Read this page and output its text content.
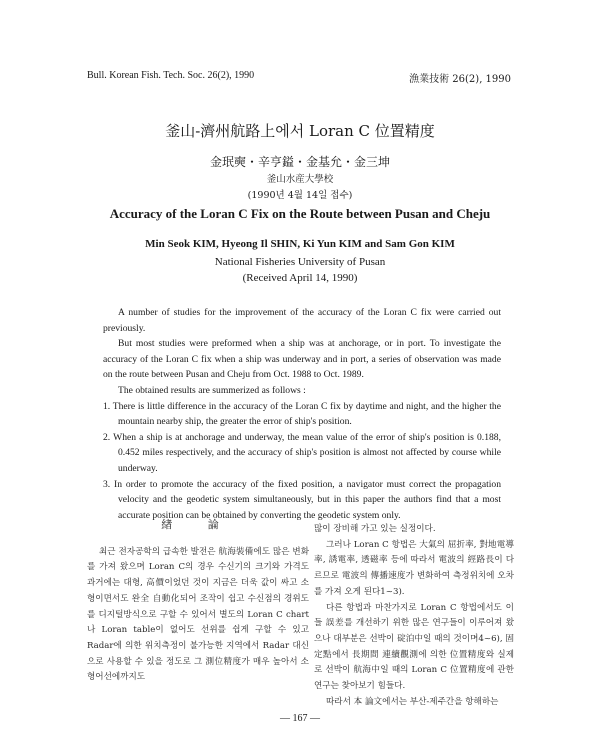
Bull. Korean Fish. Tech. Soc. 26(2), 1990	漁業技術 26(2), 1990
釜山-濟州航路上에서 Loran C 位置精度
金珉奭・辛亨鎰・金基允・金三坤
釜山水産大學校
(1990년 4월 14일 접수)
Accuracy of the Loran C Fix on the Route between Pusan and Cheju
Min Seok KIM, Hyeong Il SHIN, Ki Yun KIM and Sam Gon KIM
National Fisheries University of Pusan
(Received April 14, 1990)

A number of studies for the improvement of the accuracy of the Loran C fix were carried out previously.

But most studies were preformed when a ship was at anchorage, or in port. To investigate the accuracy of the Loran C fix when a ship was underway and in port, a series of observation was made on the route between Pusan and Cheju from Oct. 1988 to Oct. 1989.

The obtained results are summerized as follows :

1. There is little difference in the accuracy of the Loran C fix by daytime and night, and the higher the mountain nearby ship, the greater the error of ship's position.
2. When a ship is at anchorage and underway, the mean value of the error of ship's position is 0.188, 0.452 miles respectively, and the accuracy of ship's position is almost not affected by course while underway.
3. In order to promote the accuracy of the fixed position, a navigator must correct the propagation velocity and the geodetic system simultaneously, but in this paper the authors find that a most accurate position can be obtained by converting the geodetic system only.
緖 論

최근 전자공학의 급속한 발전은 航海裝備에도 많은 변화를 가져 왔으며 Loran C의 경우 수신기의 크기와 가격도 과거에는 대형, 高價이었던 것이 지금은 더욱 값이 싸고 소형이면서도 완全 自動化되어 조작이 쉽고 수신점의 경위도를 디지털방식으로 구할 수 있어서 별도의 Loran C chart나 Loran table이 없어도 선위를 쉽게 구할 수 있고 Radar에 의한 위치측정이 불가능한 지역에서 Radar 대신으로 사용할 수 있을 정도로 그 測位精度가 매우 높아서 소형어선에까지도

많이 장비해 가고 있는 실정이다.

그러나 Loran C 항법은 大氣의 屈折率, 對地電導率, 誘電率, 透磁率 등에 따라서 電波의 經路長이 다르므로 電波의 傳播速度가 변화하여 측정위치에 오차를 가져 오게 된다1~3).

다른 항법과 마찬가지로 Loran C 항법에서도 이들 誤差를 개선하기 위한 많은 연구들이 이루어져 왔으나 대부분은 선박이 碇泊中일 때의 것이며4~6), 固定點에서 長期間 連續觀測에 의한 位置精度와 실제로 선박이 航海中일 때의 Loran C 位置精度에 관한 연구는 찾아보기 힘들다.

따라서 本 論文에서는 부산-제주간을 항해하는

— 167 —
